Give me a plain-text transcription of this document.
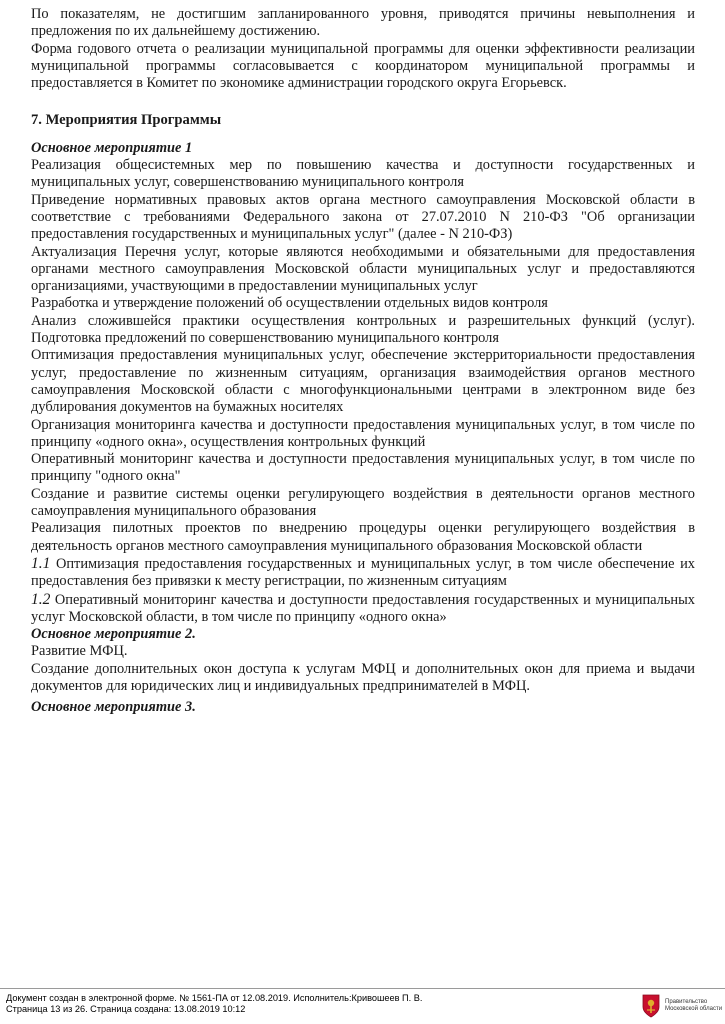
По показателям, не достигшим запланированного уровня, приводятся причины невыполнения и предложения по их дальнейшему достижению.

Форма годового отчета о реализации муниципальной программы для оценки эффективности реализации муниципальной программы согласовывается с координатором муниципальной программы и предоставляется в Комитет по экономике администрации городского округа Егорьевск.

7. Мероприятия Программы

Основное мероприятие 1

Реализация общесистемных мер по повышению качества и доступности государственных и муниципальных услуг, совершенствованию муниципального контроля

Приведение нормативных правовых актов органа местного самоуправления Московской области в соответствие с требованиями Федерального закона от 27.07.2010 N 210-ФЗ "Об организации предоставления государственных и муниципальных услуг" (далее - N 210-ФЗ)

Актуализация Перечня услуг, которые являются необходимыми и обязательными для предоставления органами местного самоуправления Московской области муниципальных услуг и предоставляются организациями, участвующими в предоставлении муниципальных услуг

Разработка и утверждение положений об осуществлении отдельных видов контроля

Анализ сложившейся практики осуществления контрольных и разрешительных функций (услуг). Подготовка предложений по совершенствованию муниципального контроля

Оптимизация предоставления муниципальных услуг, обеспечение экстерриториальности предоставления услуг, предоставление по жизненным ситуациям, организация взаимодействия органов местного самоуправления Московской области с многофункциональными центрами в электронном виде без дублирования документов на бумажных носителях

Организация мониторинга качества и доступности предоставления муниципальных услуг, в том числе по принципу «одного окна», осуществления контрольных функций

Оперативный мониторинг качества и доступности предоставления муниципальных услуг, в том числе по принципу "одного окна"

Создание и развитие системы оценки регулирующего воздействия в деятельности органов местного самоуправления муниципального образования

Реализация пилотных проектов по внедрению процедуры оценки регулирующего воздействия в деятельность органов местного самоуправления муниципального образования Московской области

1.1 Оптимизация предоставления государственных и муниципальных услуг, в том числе обеспечение их предоставления без привязки к месту регистрации, по жизненным ситуациям

1.2 Оперативный мониторинг качества и доступности предоставления государственных и муниципальных услуг Московской области, в том числе по принципу «одного окна»

Основное мероприятие 2.

Развитие МФЦ.

Создание дополнительных окон доступа к услугам МФЦ и дополнительных окон для приема и выдачи документов для юридических лиц и индивидуальных предпринимателей в МФЦ.

Основное мероприятие 3.

Документ создан в электронной форме. № 1561-ПА от 12.08.2019. Исполнитель:Кривошеев П. В.
Страница 13 из 26. Страница создана: 13.08.2019 10:12
Правительство
Московской области
